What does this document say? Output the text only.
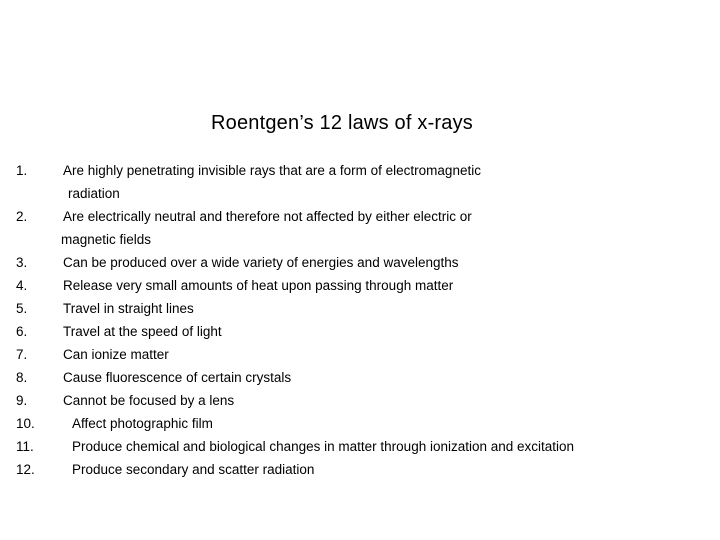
Roentgen’s 12 laws of x-rays
1.	Are highly penetrating invisible rays that are a form of electromagnetic
radiation
2.	Are electrically neutral and therefore not affected by either electric or
magnetic fields
3.	Can be produced over a wide variety of energies and wavelengths
4.	Release very small amounts of heat upon passing through matter
5.	Travel in straight lines
6.	Travel at the speed of light
7.	Can ionize matter
8.	Cause fluorescence of certain crystals
9.	Cannot be focused by a lens
10.	Affect photographic film
11.	Produce chemical and biological changes in matter through ionization and excitation
12.	Produce secondary and scatter radiation
